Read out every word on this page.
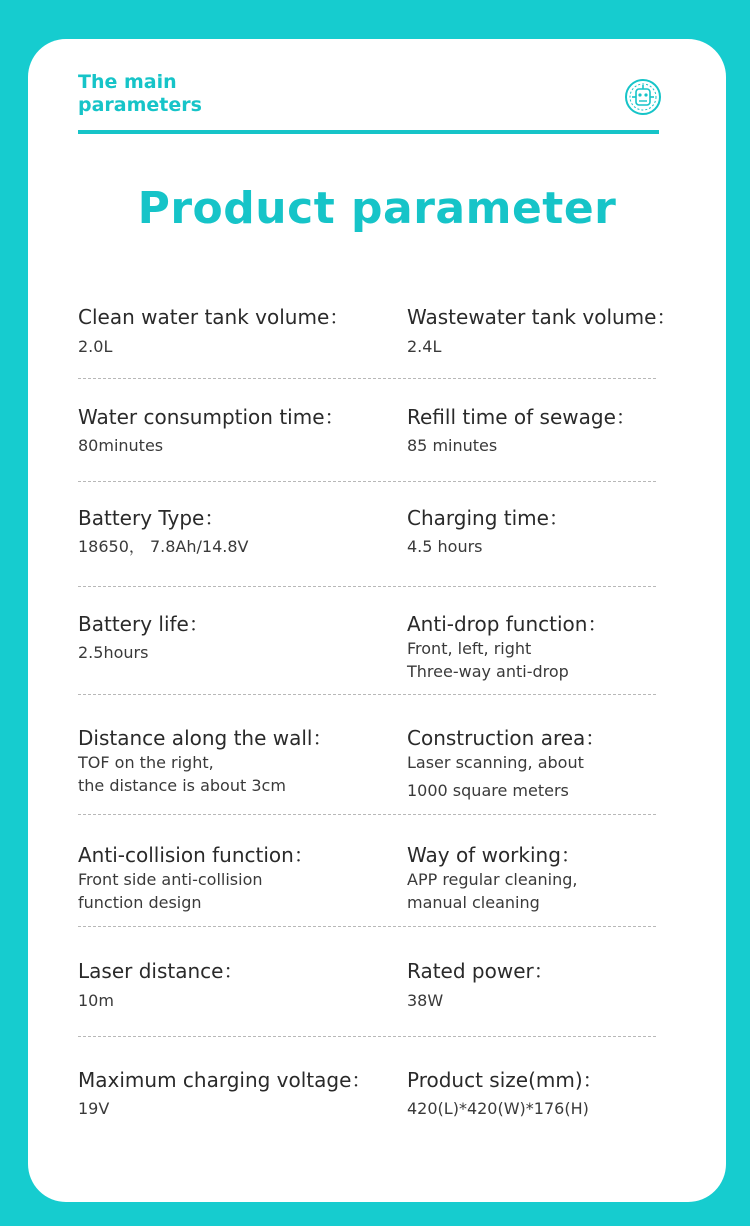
The main
parameters
Product parameter
Clean water tank volume：
2.0L
Wastewater tank volume：
2.4L
Water consumption time：
80minutes
Refill time of sewage：
85 minutes
Battery Type：
18650， 7.8Ah/14.8V
Charging time：
4.5 hours
Battery life：
2.5hours
Anti-drop function：
Front, left, right
Three-way anti-drop
Distance along the wall：
TOF on the right,
the distance is about 3cm
Construction area：
Laser scanning, about
1000 square meters
Anti-collision function：
Front side anti-collision
function design
Way of working：
APP regular cleaning,
manual cleaning
Laser distance：
10m
Rated power：
38W
Maximum charging voltage：
19V
Product size(mm)：
420(L)*420(W)*176(H)
